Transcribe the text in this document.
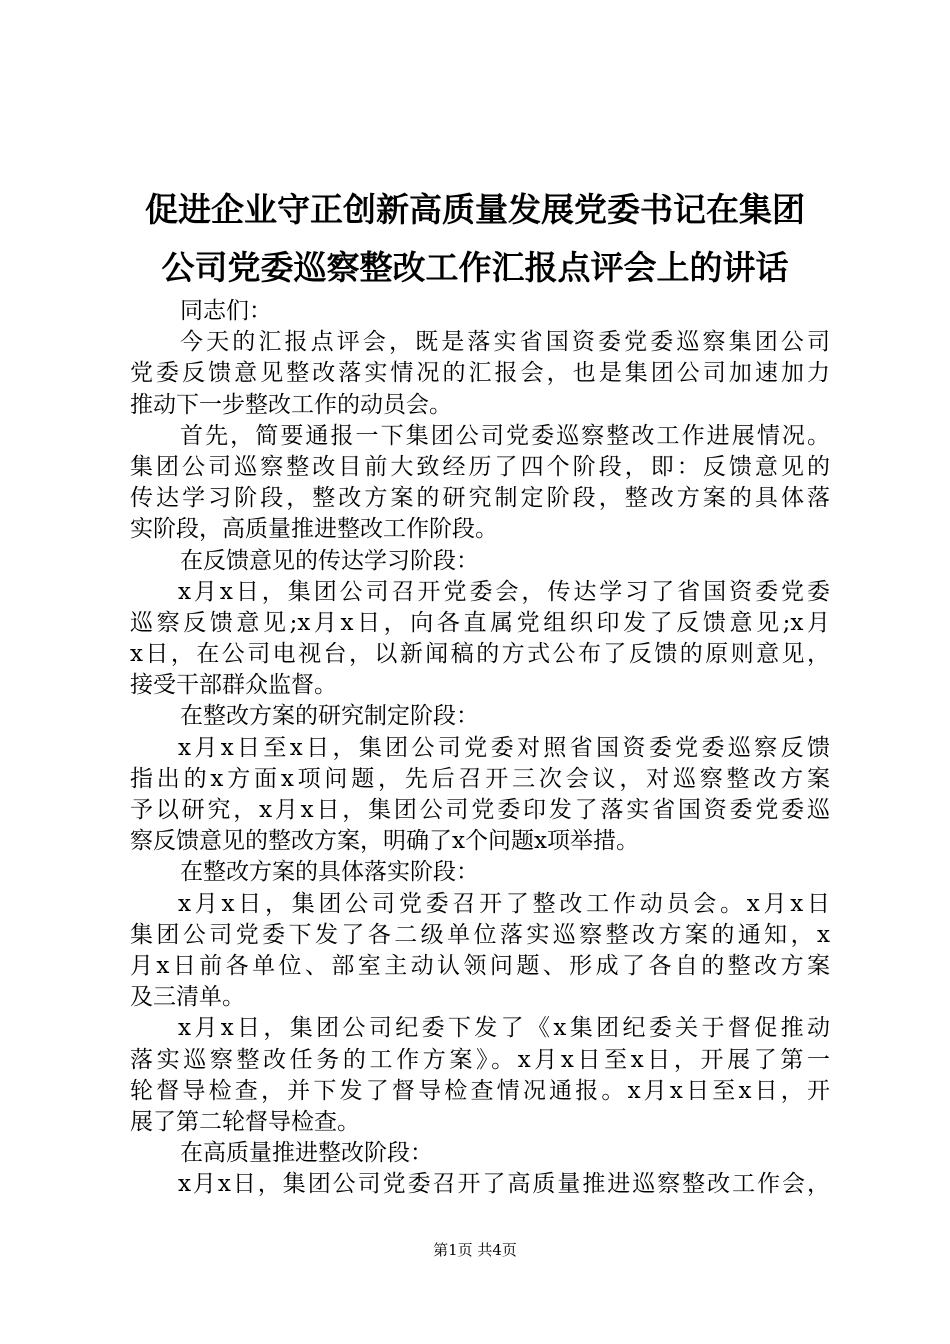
促进企业守正创新高质量发展党委书记在集团
公司党委巡察整改工作汇报点评会上的讲话
同志们：
今天的汇报点评会，既是落实省国资委党委巡察集团公司
党委反馈意见整改落实情况的汇报会，也是集团公司加速加力
推动下一步整改工作的动员会。
首先，简要通报一下集团公司党委巡察整改工作进展情况。
集团公司巡察整改目前大致经历了四个阶段，即：反馈意见的
传达学习阶段，整改方案的研究制定阶段，整改方案的具体落
实阶段，高质量推进整改工作阶段。
在反馈意见的传达学习阶段：
x月x日，集团公司召开党委会，传达学习了省国资委党委
巡察反馈意见;x月x日，向各直属党组织印发了反馈意见;x月
x日，在公司电视台，以新闻稿的方式公布了反馈的原则意见，
接受干部群众监督。
在整改方案的研究制定阶段：
x月x日至x日，集团公司党委对照省国资委党委巡察反馈
指出的x方面x项问题，先后召开三次会议，对巡察整改方案
予以研究，x月x日，集团公司党委印发了落实省国资委党委巡
察反馈意见的整改方案，明确了x个问题x项举措。
在整改方案的具体落实阶段：
x月x日，集团公司党委召开了整改工作动员会。x月x日
集团公司党委下发了各二级单位落实巡察整改方案的通知，x
月x日前各单位、部室主动认领问题、形成了各自的整改方案
及三清单。
x月x日，集团公司纪委下发了《x集团纪委关于督促推动
落实巡察整改任务的工作方案》。x月x日至x日，开展了第一
轮督导检查，并下发了督导检查情况通报。x月x日至x日，开
展了第二轮督导检查。
在高质量推进整改阶段：
x月x日，集团公司党委召开了高质量推进巡察整改工作会，
第1页 共4页
